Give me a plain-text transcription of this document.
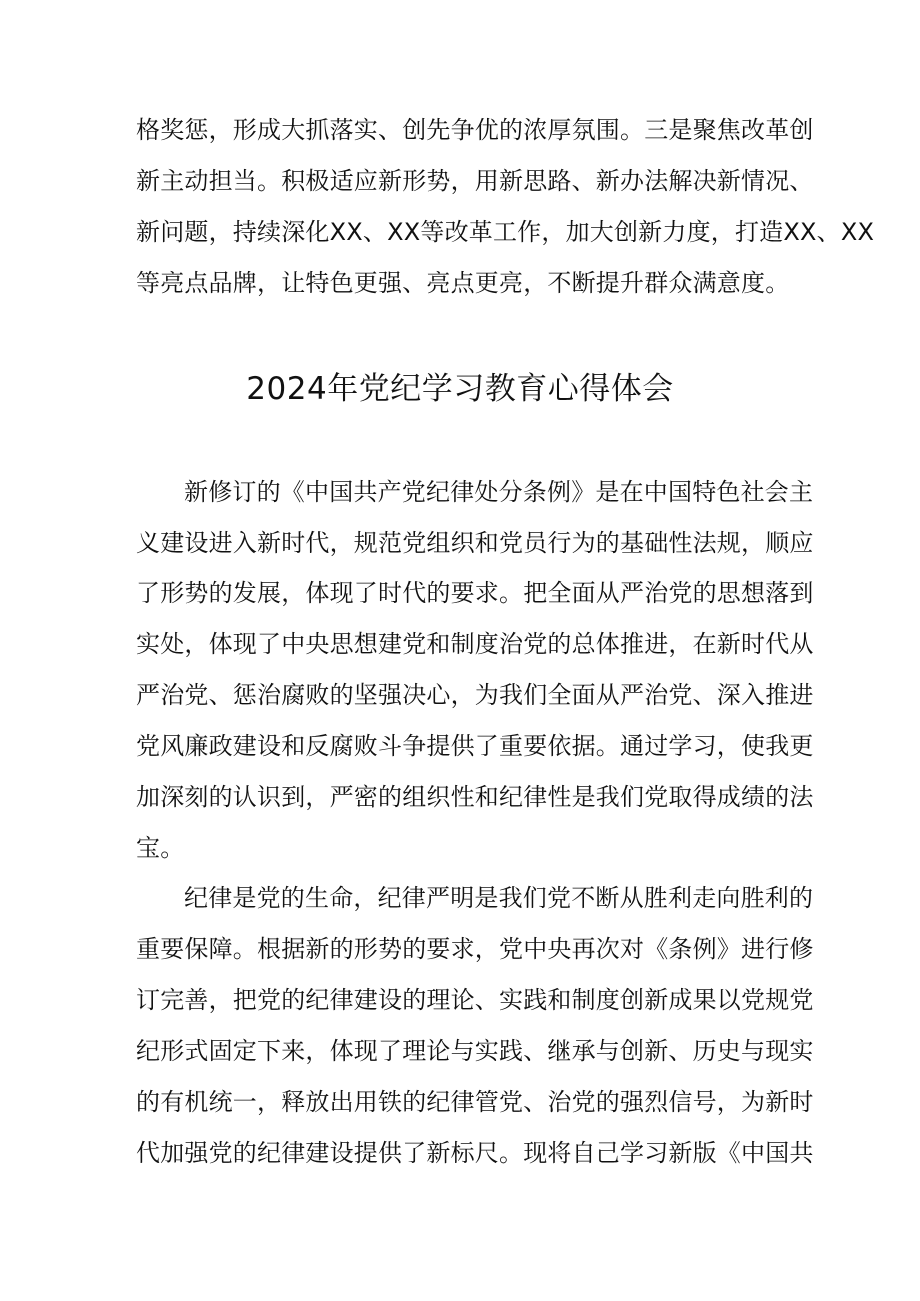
格奖惩，形成大抓落实、创先争优的浓厚氛围。三是聚焦改革创
新主动担当。积极适应新形势，用新思路、新办法解决新情况、
新问题，持续深化XX、XX等改革工作，加大创新力度，打造XX、XX
等亮点品牌，让特色更强、亮点更亮，不断提升群众满意度。
2024年党纪学习教育心得体会
新修订的《中国共产党纪律处分条例》是在中国特色社会主
义建设进入新时代，规范党组织和党员行为的基础性法规，顺应
了形势的发展，体现了时代的要求。把全面从严治党的思想落到
实处，体现了中央思想建党和制度治党的总体推进，在新时代从
严治党、惩治腐败的坚强决心，为我们全面从严治党、深入推进
党风廉政建设和反腐败斗争提供了重要依据。通过学习，使我更
加深刻的认识到，严密的组织性和纪律性是我们党取得成绩的法
宝。
纪律是党的生命，纪律严明是我们党不断从胜利走向胜利的
重要保障。根据新的形势的要求，党中央再次对《条例》进行修
订完善，把党的纪律建设的理论、实践和制度创新成果以党规党
纪形式固定下来，体现了理论与实践、继承与创新、历史与现实
的有机统一，释放出用铁的纪律管党、治党的强烈信号，为新时
代加强党的纪律建设提供了新标尺。现将自己学习新版《中国共
